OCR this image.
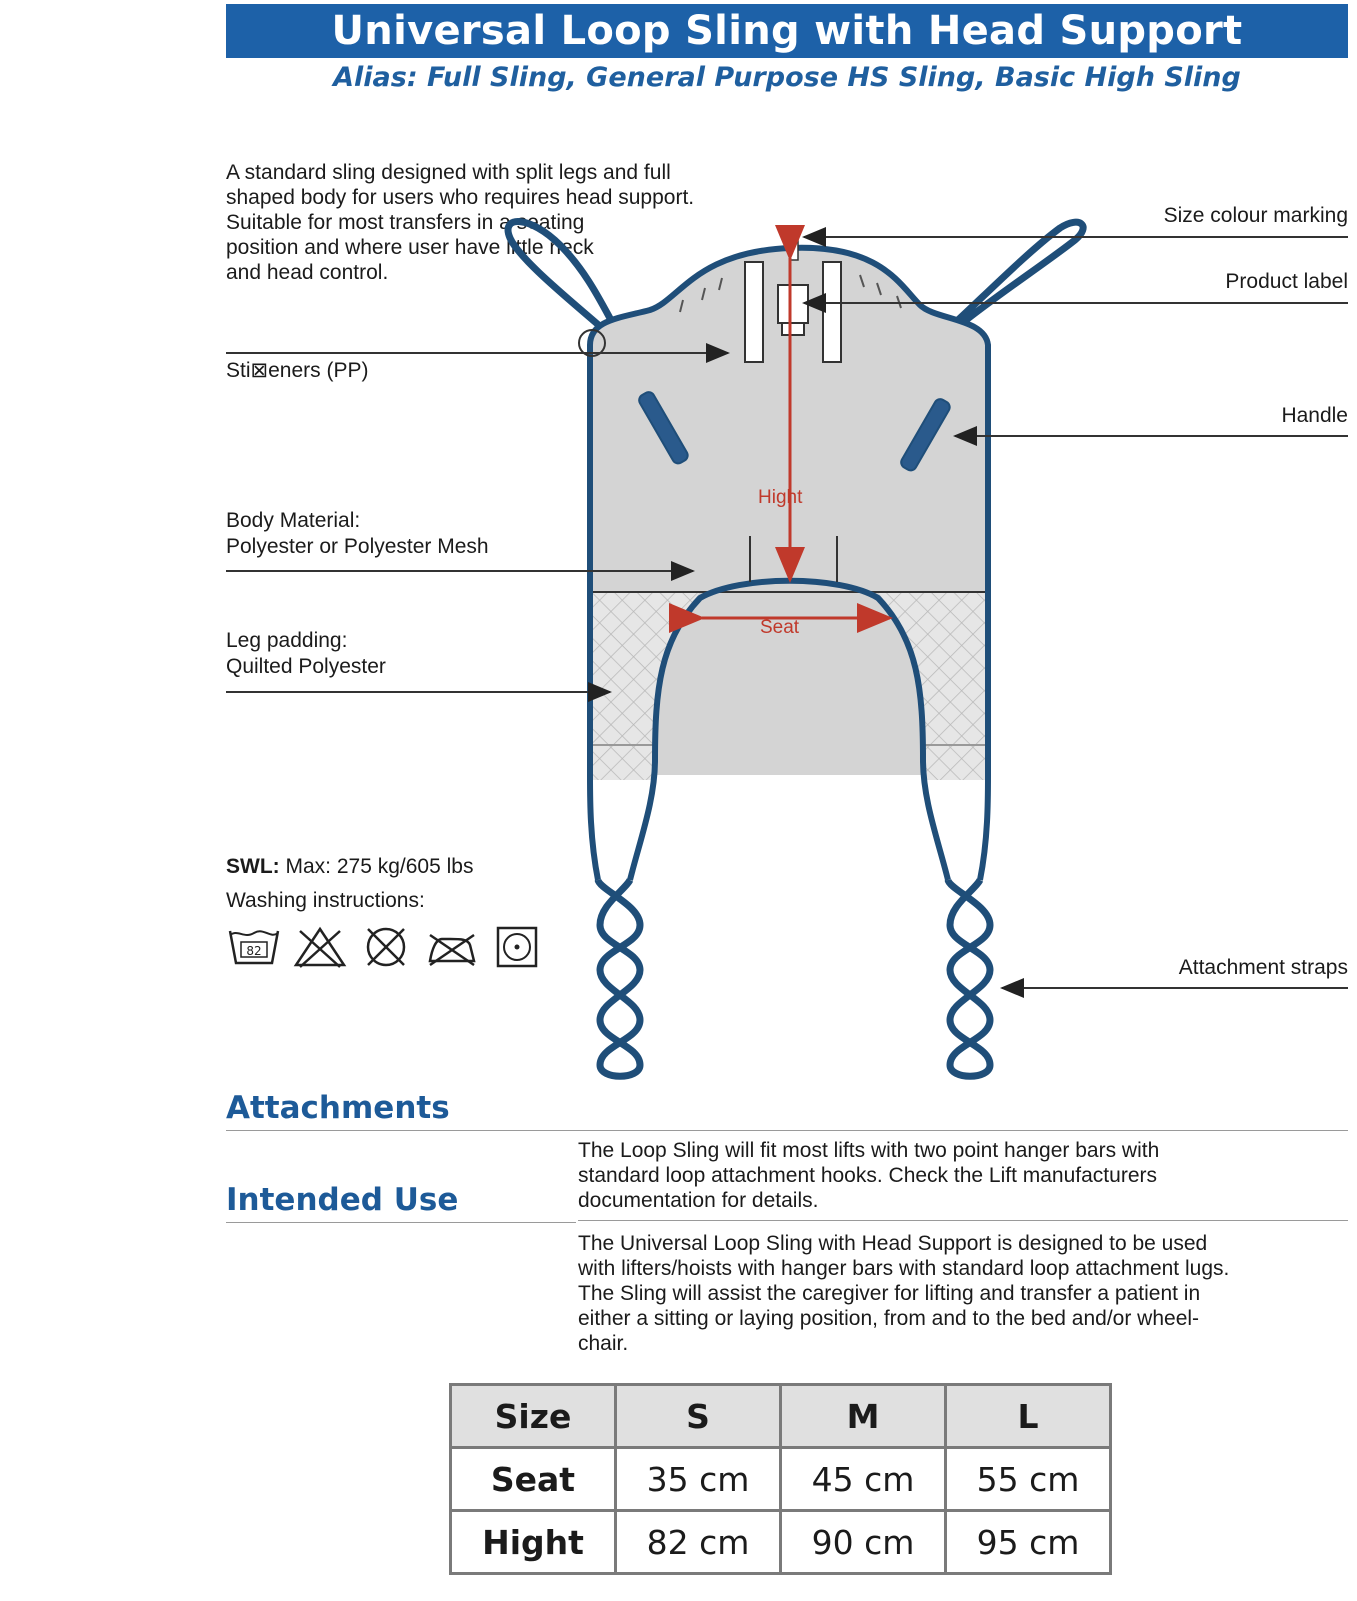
Universal Loop Sling with Head Support
Alias: Full Sling, General Purpose HS Sling, Basic High Sling
A standard sling designed with split legs and full
shaped body for users who requires head support.
Suitable for most transfers in a seating
position and where user have little neck
and head control.
Sti⊠eners (PP)
Body Material:
Polyester or Polyester Mesh
Leg padding:
Quilted Polyester
Size colour marking
Product label
Handle
Attachment straps
Hight
Seat
SWL: Max: 275 kg/605 lbs
Washing instructions:
82
Attachments
The Loop Sling will fit most lifts with two point hanger bars with
standard loop attachment hooks. Check the Lift manufacturers
documentation for details.
Intended Use
The Universal Loop Sling with Head Support is designed to be used
with lifters/hoists with hanger bars with standard loop attachment lugs.
The Sling will assist the caregiver for lifting and transfer a patient in
either a sitting or laying position, from and to the bed and/or wheel-
chair.
Size	S	M	L
Seat	35 cm	45 cm	55 cm
Hight	82 cm	90 cm	95 cm
